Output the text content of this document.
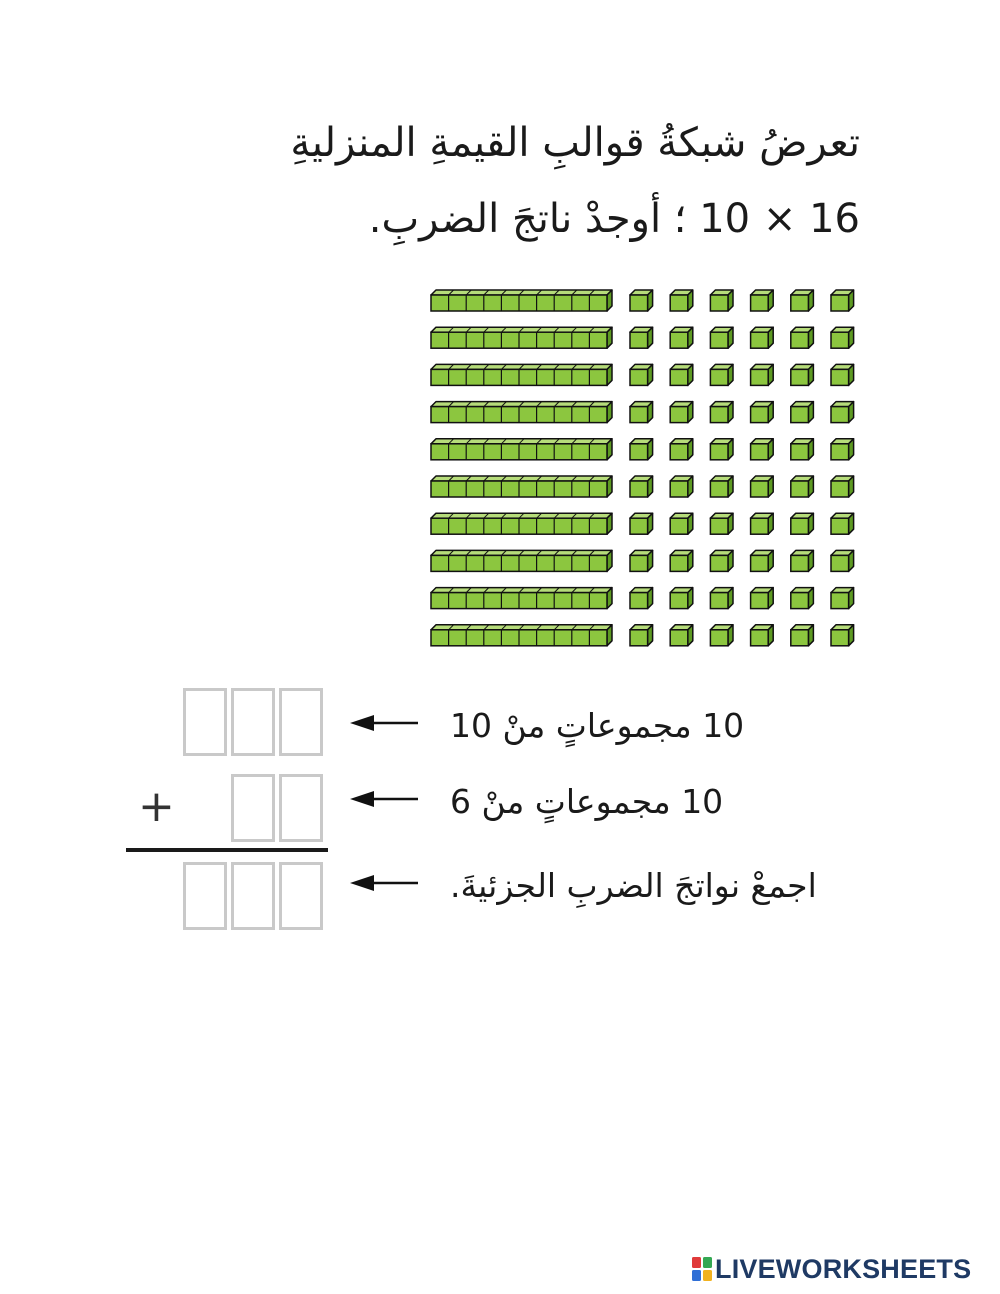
تعرضُ شبكةُ قوالبِ القيمةِ المنزليةِ
16 × 10 ؛ أوجدْ ناتجَ الضربِ.
10 مجموعاتٍ منْ 10
10 مجموعاتٍ منْ 6
اجمعْ نواتجَ الضربِ الجزئيةَ.
+
LIVEWORKSHEETS
